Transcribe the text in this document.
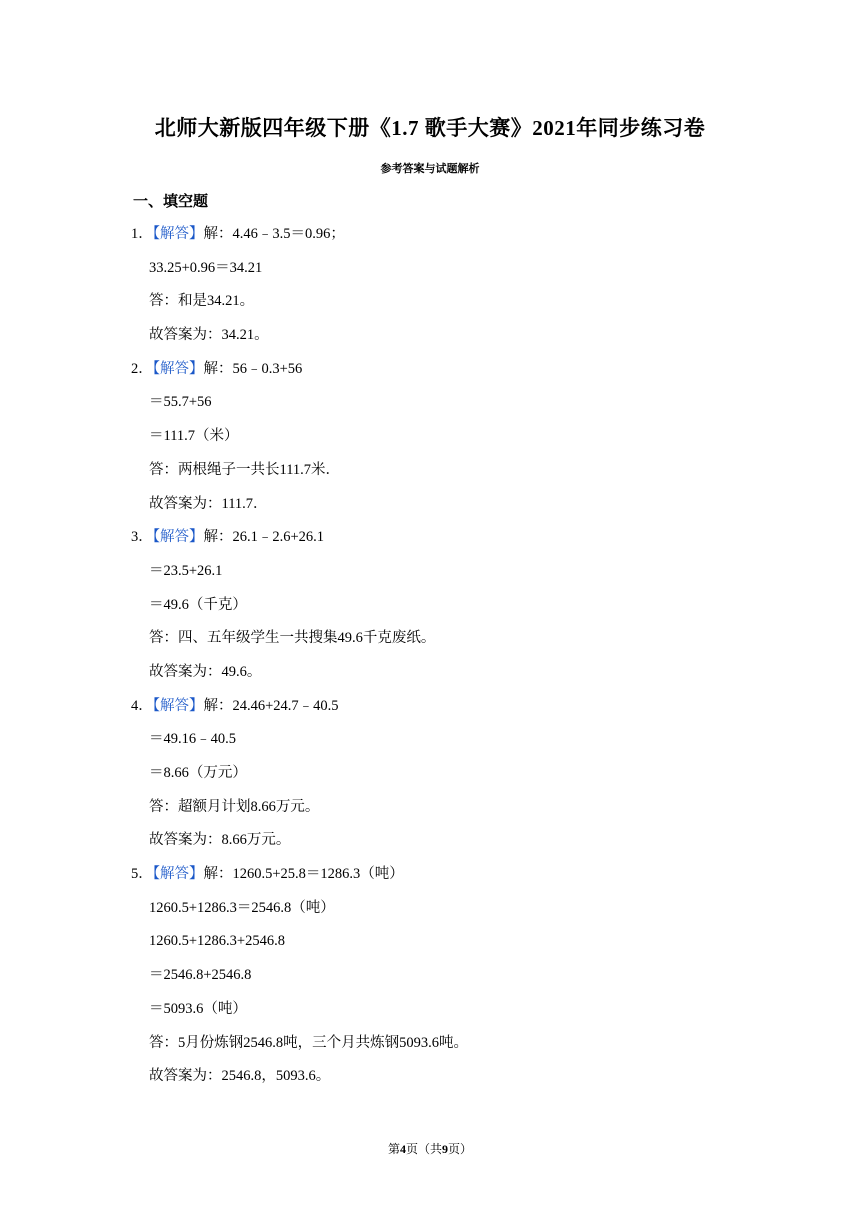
北师大新版四年级下册《1.7 歌手大赛》2021年同步练习卷
参考答案与试题解析
一、填空题
1．【解答】解：4.46﹣3.5＝0.96；
33.25+0.96＝34.21
答：和是34.21。
故答案为：34.21。
2．【解答】解：56﹣0.3+56
＝55.7+56
＝111.7（米）
答：两根绳子一共长111.7米．
故答案为：111.7．
3．【解答】解：26.1﹣2.6+26.1
＝23.5+26.1
＝49.6（千克）
答：四、五年级学生一共搜集49.6千克废纸。
故答案为：49.6。
4．【解答】解：24.46+24.7﹣40.5
＝49.16﹣40.5
＝8.66（万元）
答：超额月计划8.66万元。
故答案为：8.66万元。
5．【解答】解：1260.5+25.8＝1286.3（吨）
1260.5+1286.3＝2546.8（吨）
1260.5+1286.3+2546.8
＝2546.8+2546.8
＝5093.6（吨）
答：5月份炼钢2546.8吨，三个月共炼钢5093.6吨。
故答案为：2546.8，5093.6。
第4页（共9页）
